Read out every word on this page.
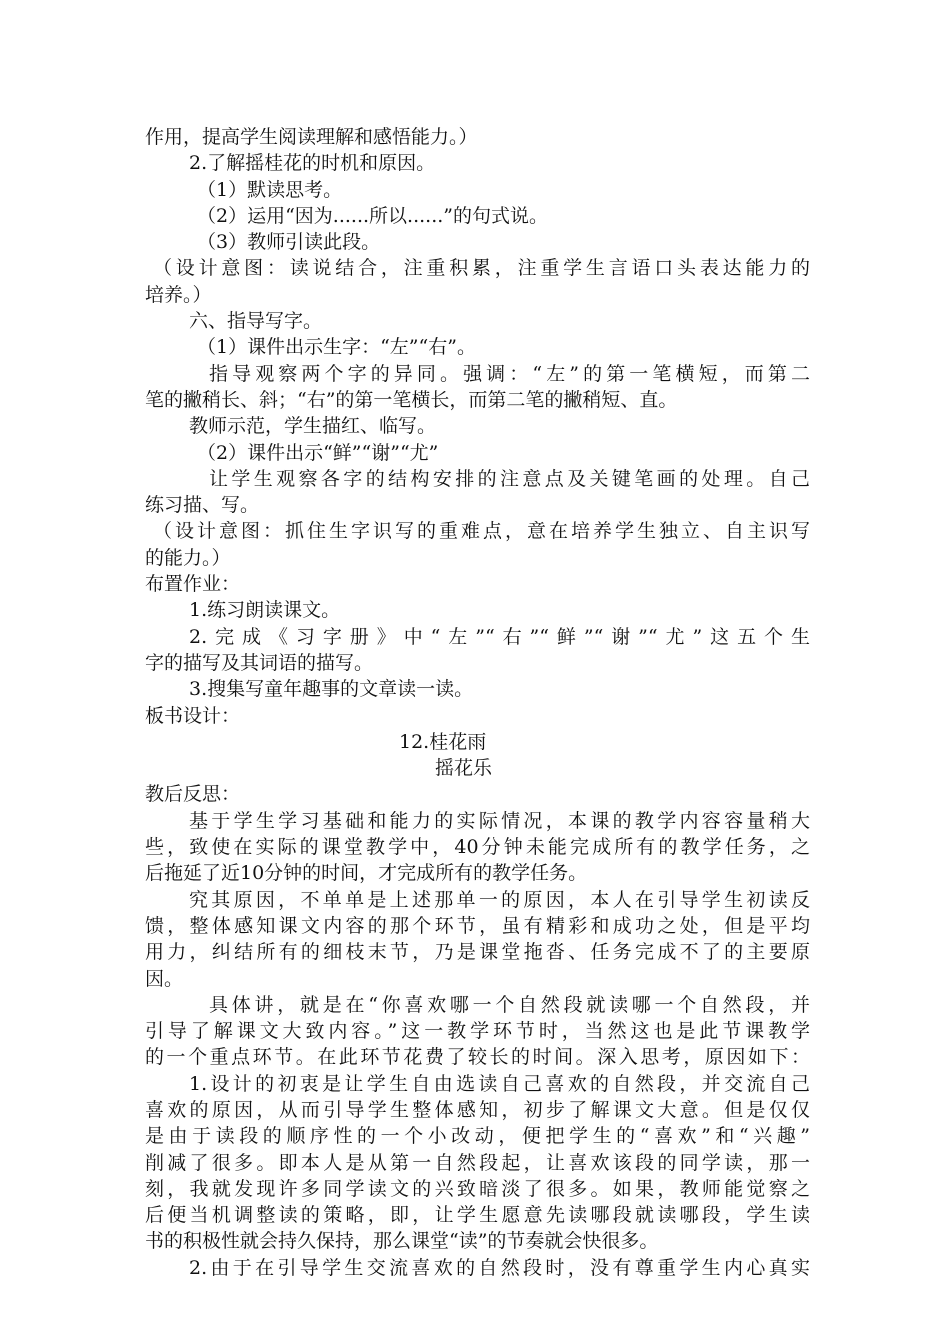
作用，提高学生阅读理解和感悟能力。）
2.了解摇桂花的时机和原因。
（1）默读思考。
（2）运用“因为......所以......”的句式说。
（3）教师引读此段。
（设计意图：读说结合，注重积累，注重学生言语口头表达能力的
培养。）
六、指导写字。
（1）课件出示生字：“左”“右”。
指导观察两个字的异同。强调：“左”的第一笔横短，而第二
笔的撇稍长、斜；“右”的第一笔横长，而第二笔的撇稍短、直。
教师示范，学生描红、临写。
（2）课件出示“鲜”“谢”“尤”
让学生观察各字的结构安排的注意点及关键笔画的处理。自己
练习描、写。
（设计意图：抓住生字识写的重难点，意在培养学生独立、自主识写
的能力。）
布置作业：
1.练习朗读课文。
2.完成《习字册》中“左”“右”“鲜”“谢”“尤”这五个生
字的描写及其词语的描写。
3.搜集写童年趣事的文章读一读。
板书设计：
12.桂花雨
摇花乐
教后反思：
基于学生学习基础和能力的实际情况，本课的教学内容容量稍大
些，致使在实际的课堂教学中，40分钟未能完成所有的教学任务，之
后拖延了近10分钟的时间，才完成所有的教学任务。
究其原因，不单单是上述那单一的原因，本人在引导学生初读反
馈，整体感知课文内容的那个环节，虽有精彩和成功之处，但是平均
用力，纠结所有的细枝末节，乃是课堂拖沓、任务完成不了的主要原
因。
具体讲，就是在“你喜欢哪一个自然段就读哪一个自然段，并
引导了解课文大致内容。”这一教学环节时，当然这也是此节课教学
的一个重点环节。在此环节花费了较长的时间。深入思考，原因如下：
1.设计的初衷是让学生自由选读自己喜欢的自然段，并交流自己
喜欢的原因，从而引导学生整体感知，初步了解课文大意。但是仅仅
是由于读段的顺序性的一个小改动，便把学生的“喜欢”和“兴趣”
削减了很多。即本人是从第一自然段起，让喜欢该段的同学读，那一
刻，我就发现许多同学读文的兴致暗淡了很多。如果，教师能觉察之
后便当机调整读的策略，即，让学生愿意先读哪段就读哪段，学生读
书的积极性就会持久保持，那么课堂“读”的节奏就会快很多。
2.由于在引导学生交流喜欢的自然段时，没有尊重学生内心真实
